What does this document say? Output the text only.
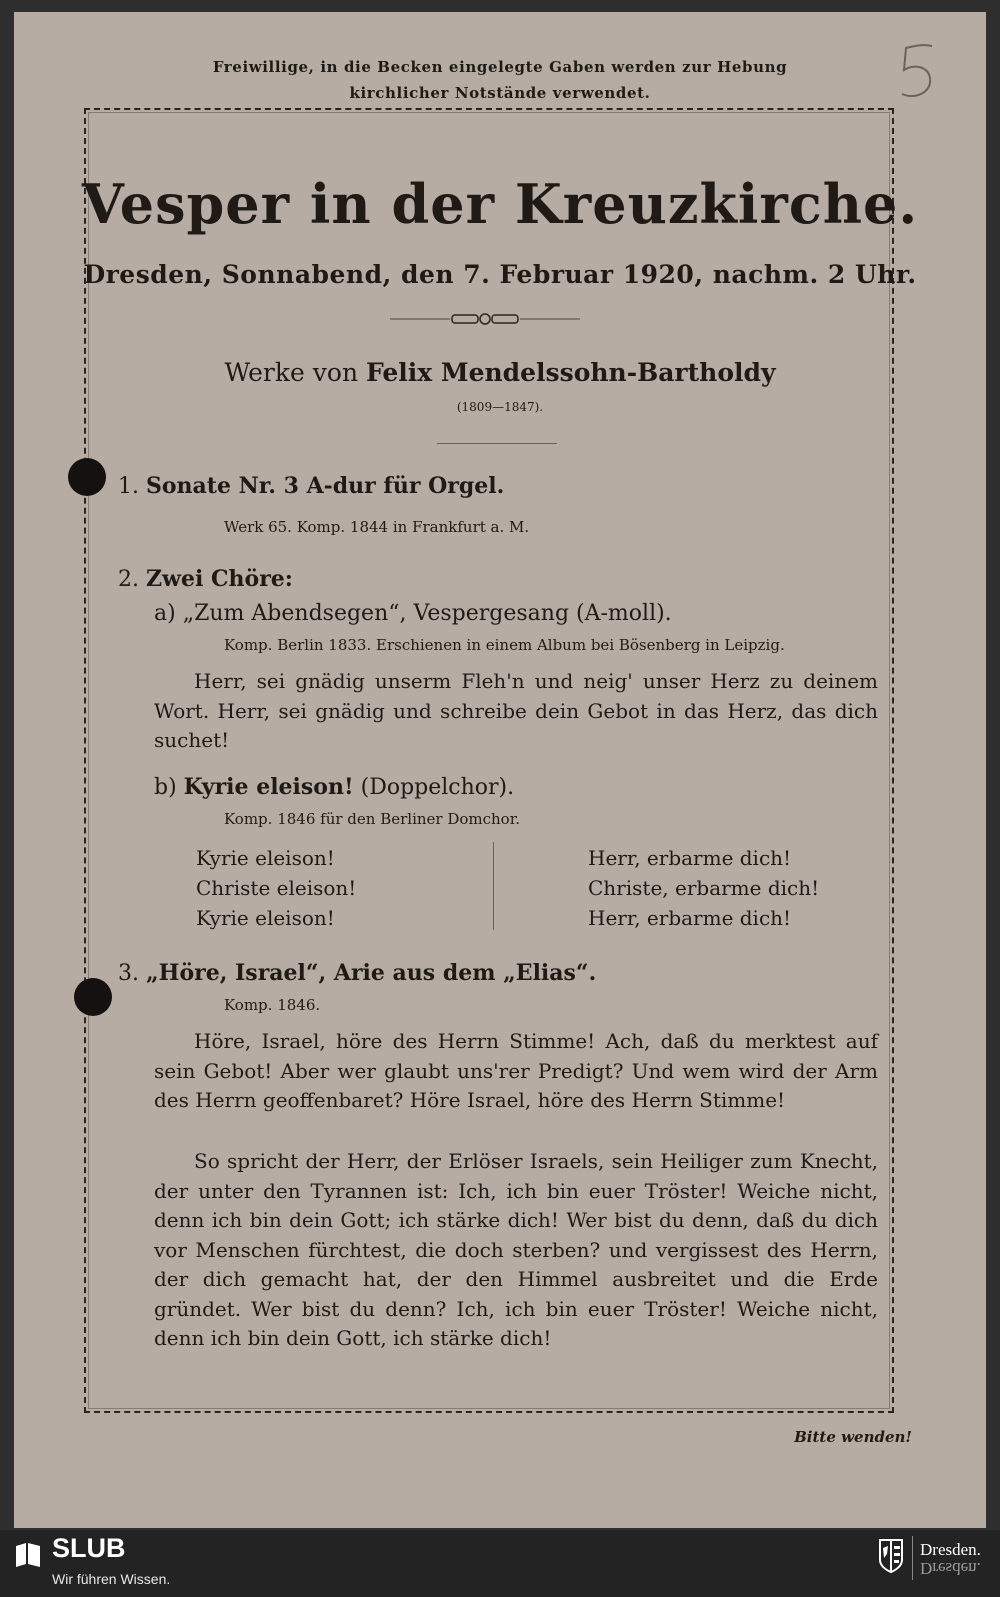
Freiwillige, in die Becken eingelegte Gaben werden zur Hebung
kirchlicher Notstände verwendet.
Vesper in der Kreuzkirche.
Dresden, Sonnabend, den 7. Februar 1920, nachm. 2 Uhr.
Werke von Felix Mendelssohn-Bartholdy
(1809—1847).
1. Sonate Nr. 3 A-dur für Orgel.
Werk 65. Komp. 1844 in Frankfurt a. M.
2. Zwei Chöre:
a) „Zum Abendsegen“, Vespergesang (A-moll).
Komp. Berlin 1833. Erschienen in einem Album bei Bösenberg in Leipzig.
Herr, sei gnädig unserm Fleh'n und neig' unser Herz zu deinem Wort. Herr, sei gnädig und schreibe dein Gebot in das Herz, das dich suchet!
b) Kyrie eleison! (Doppelchor).
Komp. 1846 für den Berliner Domchor.
Kyrie eleison!
Christe eleison!
Kyrie eleison!
Herr, erbarme dich!
Christe, erbarme dich!
Herr, erbarme dich!
3. „Höre, Israel“, Arie aus dem „Elias“.
Komp. 1846.
Höre, Israel, höre des Herrn Stimme! Ach, daß du merktest auf sein Gebot! Aber wer glaubt uns'rer Predigt? Und wem wird der Arm des Herrn geoffenbaret? Höre Israel, höre des Herrn Stimme!
So spricht der Herr, der Erlöser Israels, sein Heiliger zum Knecht, der unter den Tyrannen ist: Ich, ich bin euer Tröster! Weiche nicht, denn ich bin dein Gott; ich stärke dich! Wer bist du denn, daß du dich vor Menschen fürchtest, die doch sterben? und vergissest des Herrn, der dich gemacht hat, der den Himmel ausbreitet und die Erde gründet. Wer bist du denn? Ich, ich bin euer Tröster! Weiche nicht, denn ich bin dein Gott, ich stärke dich!
Bitte wenden!
SLUB
Wir führen Wissen.
Dresden.
Dresden.
